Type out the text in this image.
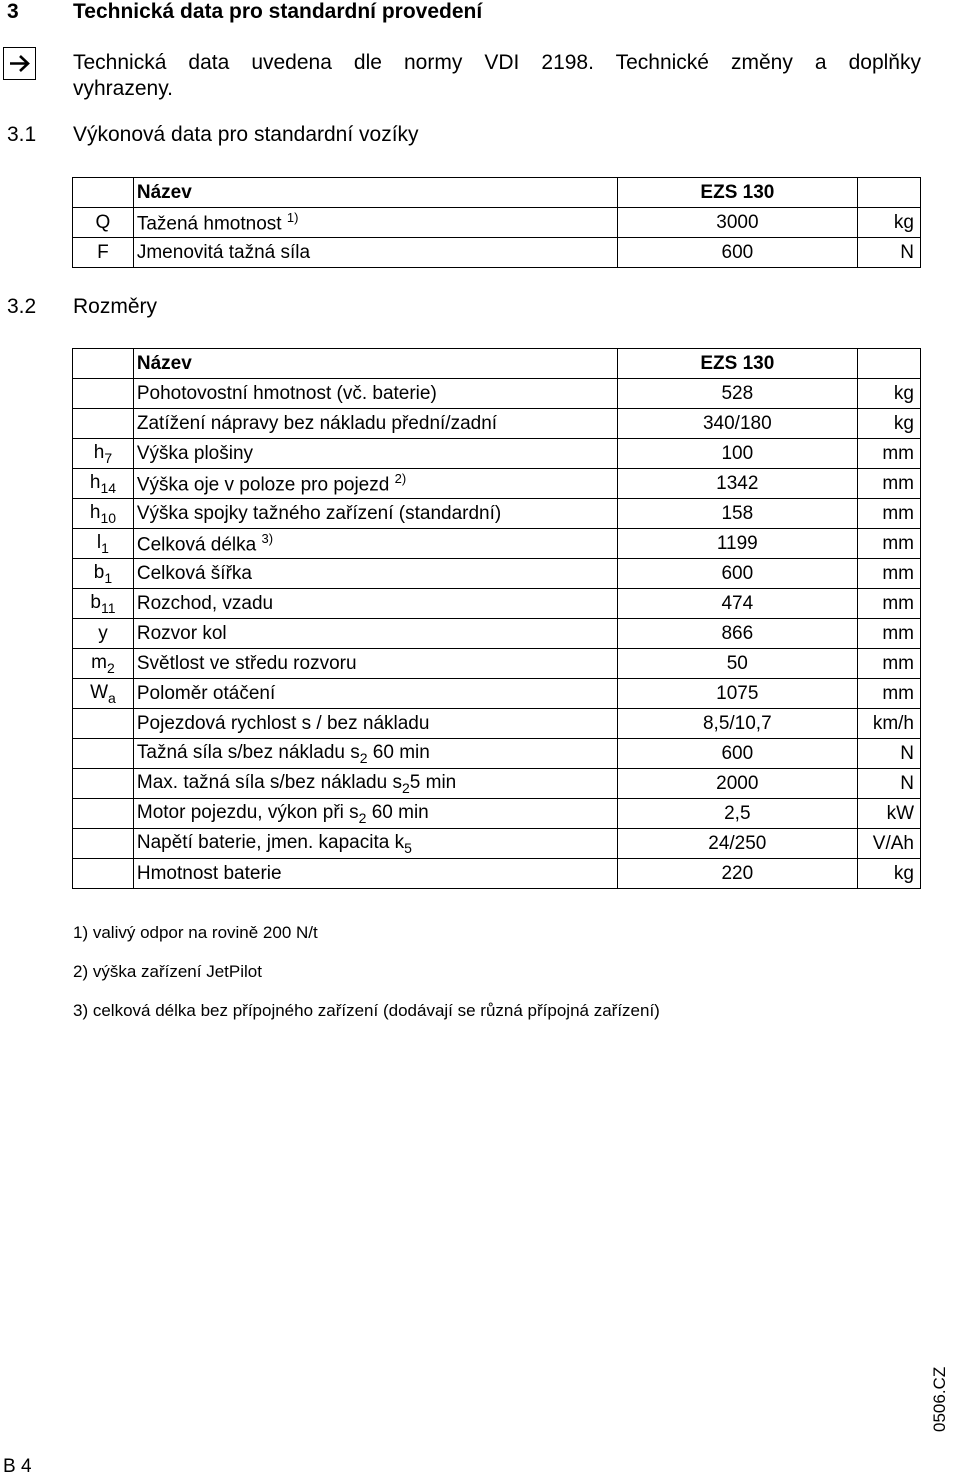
3	Technická data pro standardní provedení
Technická data uvedena dle normy VDI 2198. Technické změny a doplňky
vyhrazeny.
3.1 Výkonová data pro standardní vozíky
	Název	EZS 130	
Q	Tažená hmotnost $^{1)}$	3000	kg
F	Jmenovitá tažná síla	600	N
3.2 Rozměry
	Název	EZS 130	
	Pohotovostní hmotnost (vč. baterie)	528	kg
	Zatížení nápravy bez nákladu přední/zadní	340/180	kg
$h_7$	Výška plošiny	100	mm
$h_{14}$	Výška oje v poloze pro pojezd $^{2)}$	1342	mm
$h_{10}$	Výška spojky tažného zařízení (standardní)	158	mm
$l_1$	Celková délka $^{3)}$	1199	mm
$b_1$	Celková šířka	600	mm
$b_{11}$	Rozchod, vzadu	474	mm
y	Rozvor kol	866	mm
$m_2$	Světlost ve středu rozvoru	50	mm
$W_a$	Poloměr otáčení	1075	mm
	Pojezdová rychlost s / bez nákladu	8,5/10,7	km/h
	Tažná síla s/bez nákladu $s_2$ 60 min	600	N
	Max. tažná síla s/bez nákladu $s_25$ min	2000	N
	Motor pojezdu, výkon při $s_2$ 60 min	2,5	kW
	Napětí baterie, jmen. kapacita $k_5$	24/250	V/Ah
	Hmotnost baterie	220	kg
1) valivý odpor na rovině 200 N/t
2) výška zařízení JetPilot
3) celková délka bez přípojného zařízení (dodávají se různá přípojná zařízení)
B 4
0506.CZ
